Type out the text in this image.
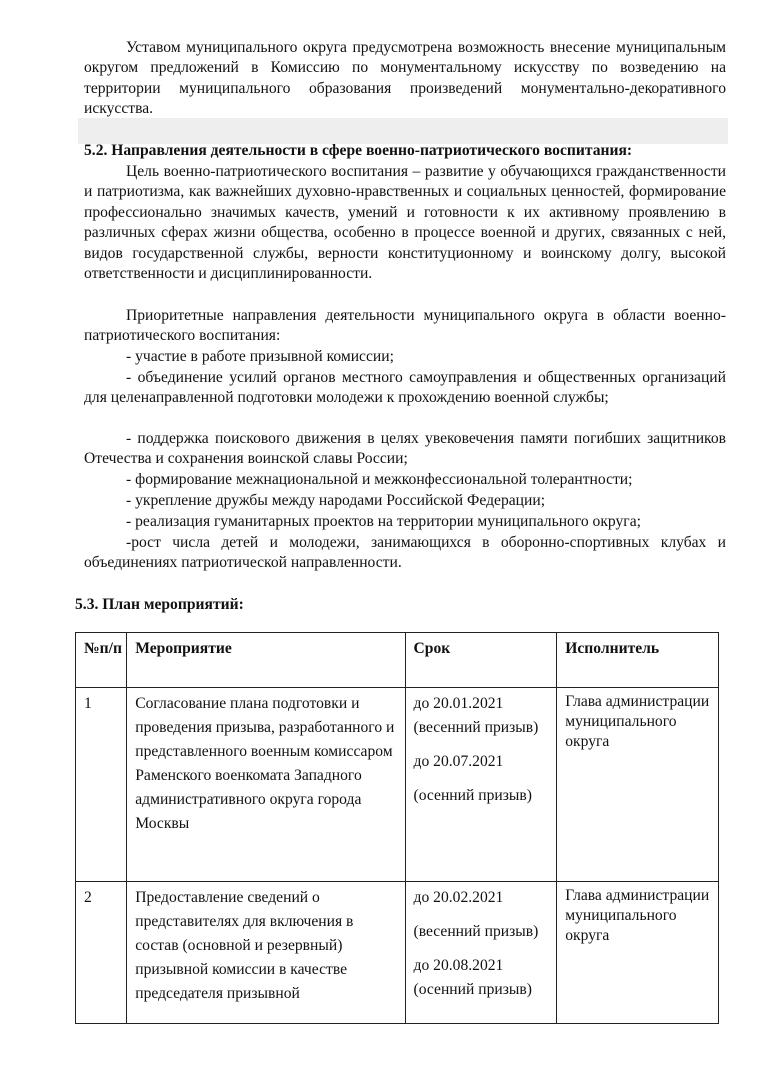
Уставом муниципального округа предусмотрена возможность внесение муниципальным округом предложений в Комиссию по монументальному искусству по возведению на территории муниципального образования произведений монументально-декоративного искусства.

5.2. Направления деятельности в сфере военно-патриотического воспитания:

Цель военно-патриотического воспитания – развитие у обучающихся гражданственности и патриотизма, как важнейших духовно-нравственных и социальных ценностей, формирование профессионально значимых качеств, умений и готовности к их активному проявлению в различных сферах жизни общества, особенно в процессе военной и других, связанных с ней, видов государственной службы, верности конституционному и воинскому долгу, высокой ответственности и дисциплинированности.

Приоритетные направления деятельности муниципального округа в области военно-патриотического воспитания:

- участие в работе призывной комиссии;

- объединение усилий органов местного самоуправления и общественных организаций для целенаправленной подготовки молодежи к прохождению военной службы;

- поддержка поискового движения в целях увековечения памяти погибших защитников Отечества и сохранения воинской славы России;

- формирование межнациональной и межконфессиональной толерантности;

- укрепление дружбы между народами Российской Федерации;

- реализация гуманитарных проектов на территории муниципального округа;

-рост числа детей и молодежи, занимающихся в оборонно-спортивных клубах и объединениях патриотической направленности.

5.3. План мероприятий:

№п/п	Мероприятие	Срок	Исполнитель
1	Согласование плана подготовки и проведения призыва, разработанного и представленного военным комиссаром Раменского военкомата Западного административного округа города Москвы	до 20.01.2021
(весенний призыв)
до 20.07.2021
(осенний призыв)	Глава администрации муниципального округа

2	Предоставление сведений о представителях для включения в состав (основной и резервный) призывной комиссии в качестве председателя призывной	до 20.02.2021
(весенний призыв)
до 20.08.2021
(осенний призыв)	Глава администрации муниципального округа
